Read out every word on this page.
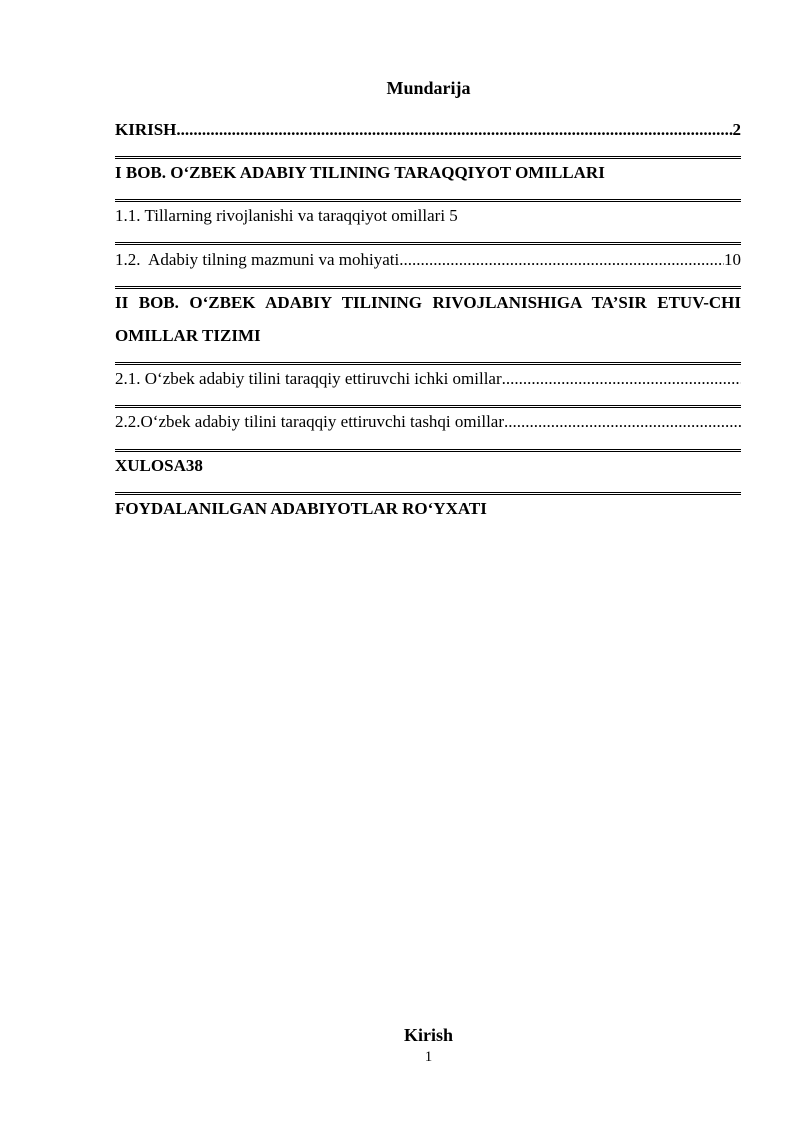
Mundarija
KIRISH .....	2
I BOB. O‘ZBEK ADABIY TILINING TARAQQIYOT OMILLARI
1.1. Tillarning rivojlanishi va taraqqiyot omillari 5
1.2.  Adabiy tilning mazmuni va mohiyati .....	10
II BOB. O‘ZBEK ADABIY TILINING RIVOJLANISHIGA TA’SIR ETUV-CHI OMILLAR TIZIMI
2.1. O‘zbek adabiy tilini taraqqiy ettiruvchi ichki omillar
.....
2.2.O‘zbek adabiy tilini taraqqiy ettiruvchi tashqi omillar
.....
XULOSA38
FOYDALANILGAN ADABIYOTLAR RO‘YXATI
Kirish
1
